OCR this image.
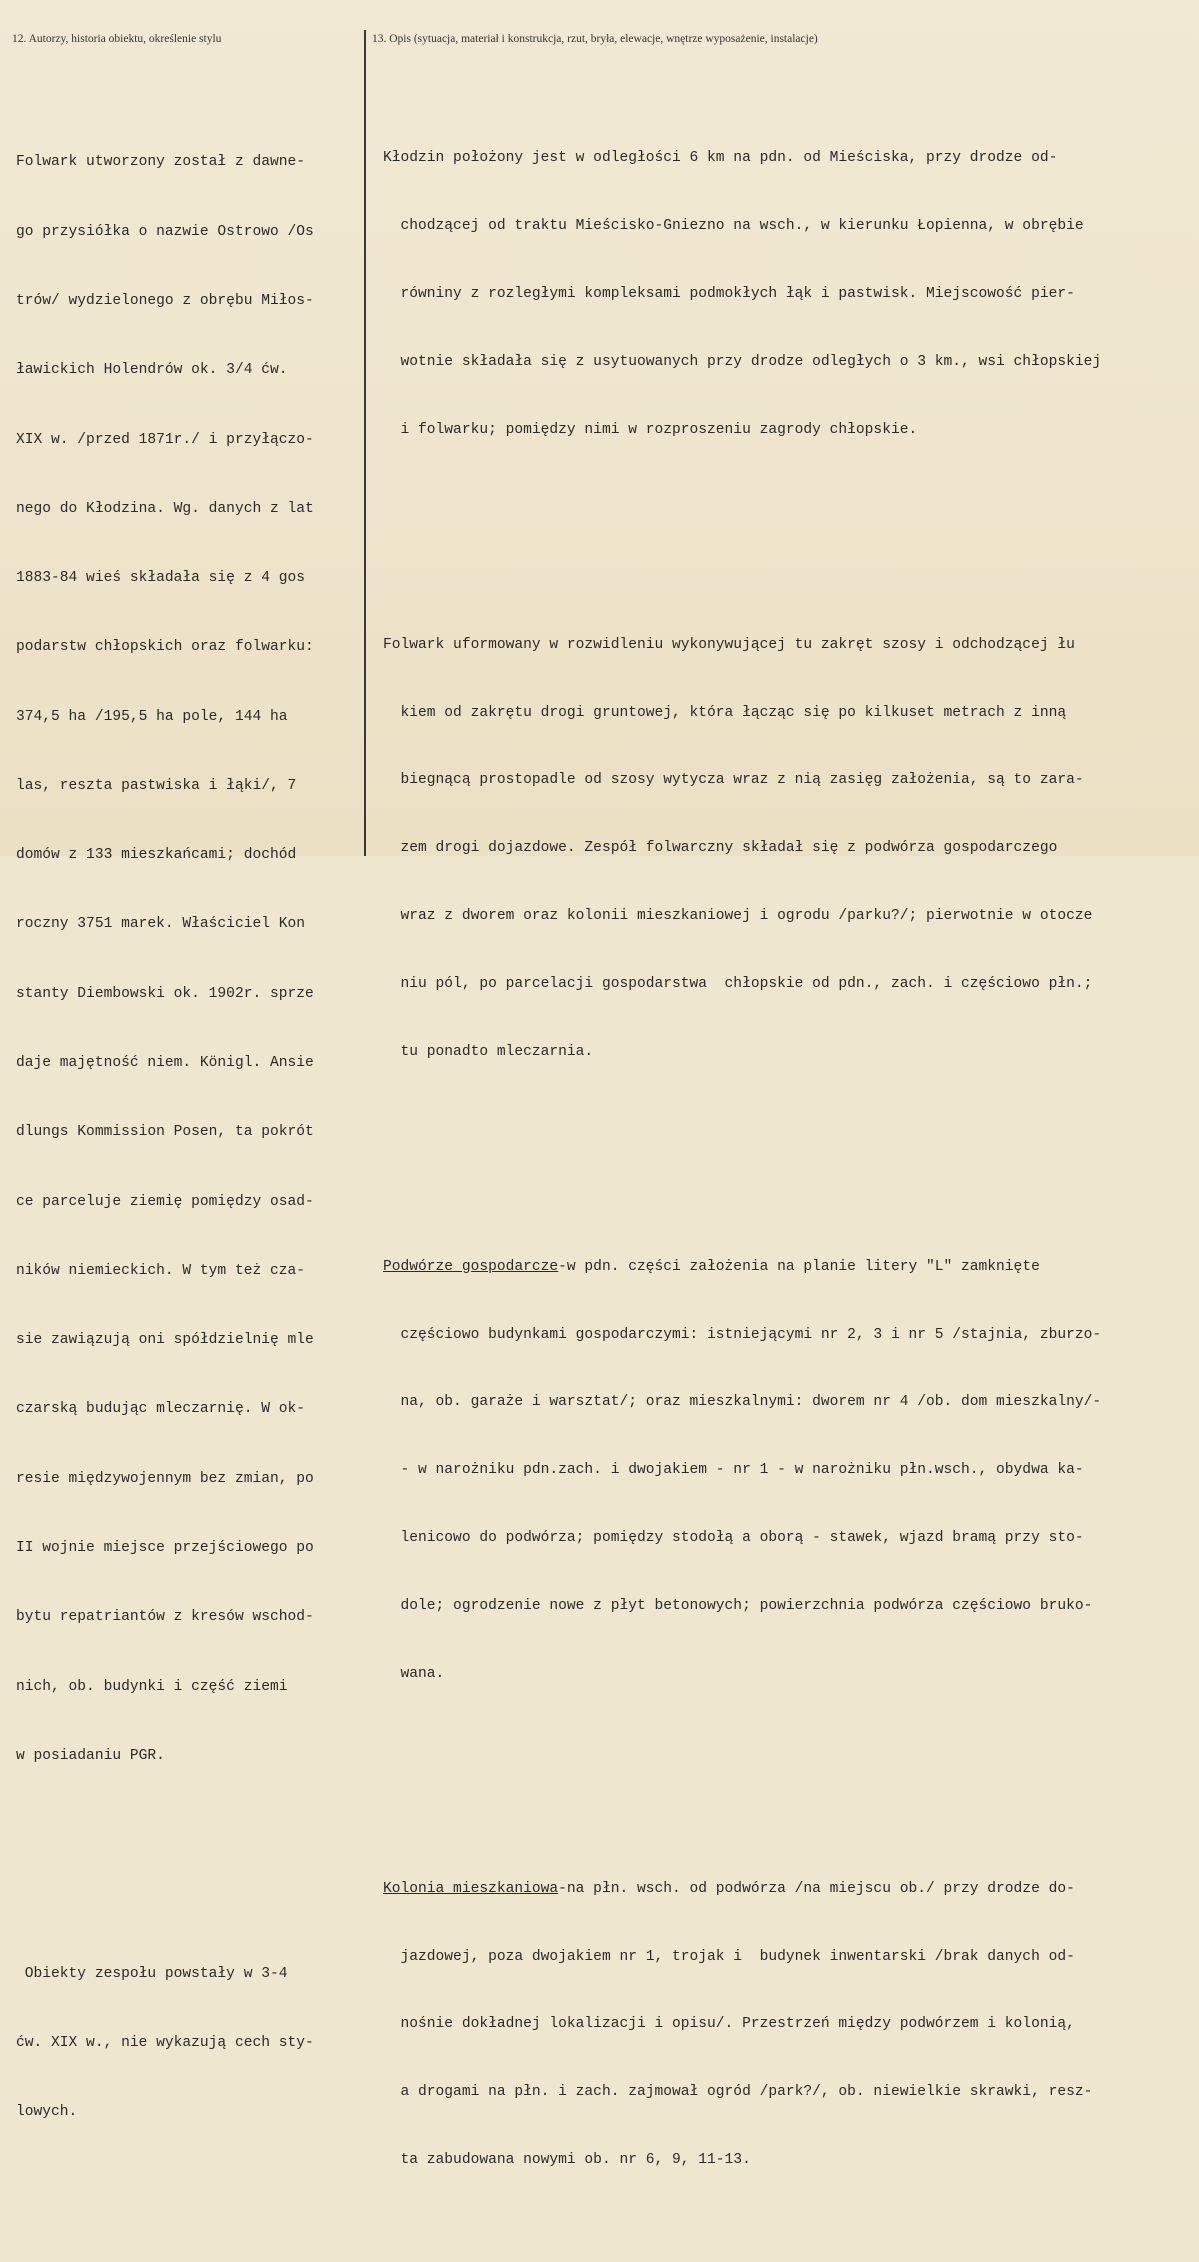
12. Autorzy, historia obiektu, określenie stylu	13. Opis (sytuacja, materiał i konstrukcja, rzut, bryła, elewacje, wnętrze wyposażenie, instalacje)

Folwark utworzony został z dawne-

go przysiółka o nazwie Ostrowo /Os

trów/ wydzielonego z obrębu Miłos-

ławickich Holendrów ok. 3/4 ćw.

XIX w. /przed 1871r./ i przyłączo-

nego do Kłodzina. Wg. danych z lat

1883-84 wieś składała się z 4 gos

podarstw chłopskich oraz folwarku:

374,5 ha /195,5 ha pole, 144 ha

las, reszta pastwiska i łąki/, 7

domów z 133 mieszkańcami; dochód

roczny 3751 marek. Właściciel Kon

stanty Diembowski ok. 1902r. sprze

daje majętność niem. Königl. Ansie

dlungs Kommission Posen, ta pokrót

ce parceluje ziemię pomiędzy osad-

ników niemieckich. W tym też cza-

sie zawiązują oni spółdzielnię mle

czarską budując mleczarnię. W ok-

resie międzywojennym bez zmian, po

II wojnie miejsce przejściowego po

bytu repatriantów z kresów wschod-

nich, ob. budynki i część ziemi

w posiadaniu PGR.

Obiekty zespołu powstały w 3-4

ćw. XIX w., nie wykazują cech sty-

lowych.

Kłodzin położony jest w odległości 6 km na pdn. od Mieściska, przy drodze od-

chodzącej od traktu Mieścisko-Gniezno na wsch., w kierunku Łopienna, w obrębie

równiny z rozległymi kompleksami podmokłych łąk i pastwisk. Miejscowość pier-

wotnie składała się z usytuowanych przy drodze odległych o 3 km., wsi chłopskiej

i folwarku; pomiędzy nimi w rozproszeniu zagrody chłopskie.

Folwark uformowany w rozwidleniu wykonywującej tu zakręt szosy i odchodzącej łu

kiem od zakrętu drogi gruntowej, która łącząc się po kilkuset metrach z inną

biegnącą prostopadle od szosy wytycza wraz z nią zasięg założenia, są to zara-

zem drogi dojazdowe. Zespół folwarczny składał się z podwórza gospodarczego

wraz z dworem oraz kolonii mieszkaniowej i ogrodu /parku?/; pierwotnie w otocze

niu pól, po parcelacji gospodarstwa  chłopskie od pdn., zach. i częściowo płn.;

tu ponadto mleczarnia.

Podwórze gospodarcze-w pdn. części założenia na planie litery "L" zamknięte

częściowo budynkami gospodarczymi: istniejącymi nr 2, 3 i nr 5 /stajnia, zburzo-

na, ob. garaże i warsztat/; oraz mieszkalnymi: dworem nr 4 /ob. dom mieszkalny/-

- w narożniku pdn.zach. i dwojakiem - nr 1 - w narożniku płn.wsch., obydwa ka-

lenicowo do podwórza; pomiędzy stodołą a oborą - stawek, wjazd bramą przy sto-

dole; ogrodzenie nowe z płyt betonowych; powierzchnia podwórza częściowo bruko-

wana.

Kolonia mieszkaniowa-na płn. wsch. od podwórza /na miejscu ob./ przy drodze do-

jazdowej, poza dwojakiem nr 1, trojak i  budynek inwentarski /brak danych od-

nośnie dokładnej lokalizacji i opisu/. Przestrzeń między podwórzem i kolonią,

a drogami na płn. i zach. zajmował ogród /park?/, ob. niewielkie skrawki, resz-

ta zabudowana nowymi ob. nr 6, 9, 11-13.
